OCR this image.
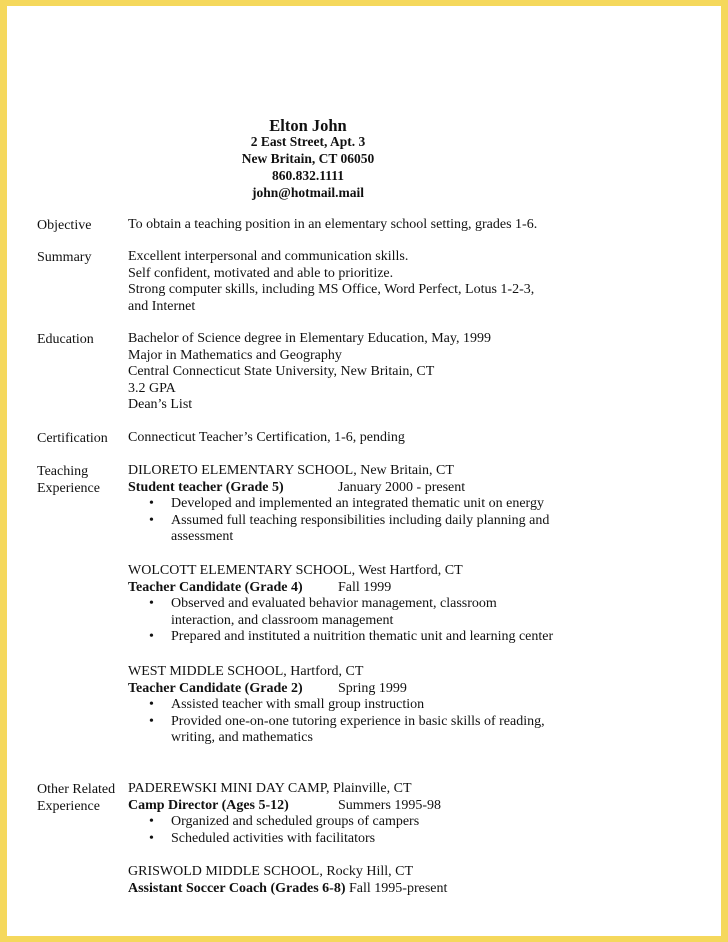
Elton John
2 East Street, Apt. 3
New Britain, CT 06050
860.832.1111
john@hotmail.mail
Objective	To obtain a teaching position in an elementary school setting, grades 1-6.
Summary	Excellent interpersonal and communication skills.
Self confident, motivated and able to prioritize.
Strong computer skills, including MS Office, Word Perfect, Lotus 1-2-3,
and Internet
Education Bachelor of Science degree in Elementary Education, May, 1999
Major in Mathematics and Geography
Central Connecticut State University, New Britain, CT
3.2 GPA
Dean’s List
Certification Connecticut Teacher’s Certification, 1-6, pending
Teaching
Experience
DILORETO ELEMENTARY SCHOOL, New Britain, CT
Student teacher (Grade 5)	January 2000 - present
• Developed and implemented an integrated thematic unit on energy
• Assumed full teaching responsibilities including daily planning and assessment
WOLCOTT ELEMENTARY SCHOOL, West Hartford, CT
Teacher Candidate (Grade 4)	Fall 1999
• Observed and evaluated behavior management, classroom interaction, and classroom management
• Prepared and instituted a nuitrition thematic unit and learning center
WEST MIDDLE SCHOOL, Hartford, CT
Teacher Candidate (Grade 2)	Spring 1999
• Assisted teacher with small group instruction
• Provided one-on-one tutoring experience in basic skills of reading, writing, and mathematics
Other Related
Experience
PADEREWSKI MINI DAY CAMP, Plainville, CT
Camp Director (Ages 5-12)	Summers 1995-98
• Organized and scheduled groups of campers
• Scheduled activities with facilitators
GRISWOLD MIDDLE SCHOOL, Rocky Hill, CT
Assistant Soccer Coach (Grades 6-8) Fall 1995-present
